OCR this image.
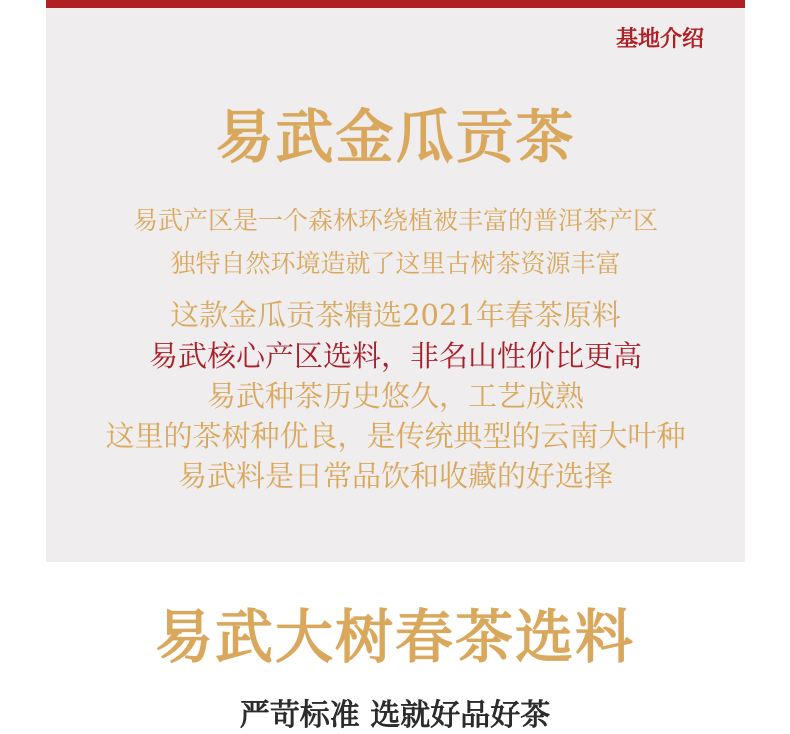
基地介绍
易武金瓜贡茶
易武产区是一个森林环绕植被丰富的普洱茶产区
独特自然环境造就了这里古树茶资源丰富
这款金瓜贡茶精选2021年春茶原料
易武核心产区选料，非名山性价比更高
易武种茶历史悠久，工艺成熟
这里的茶树种优良，是传统典型的云南大叶种
易武料是日常品饮和收藏的好选择
易武大树春茶选料
严苛标准 选就好品好茶
